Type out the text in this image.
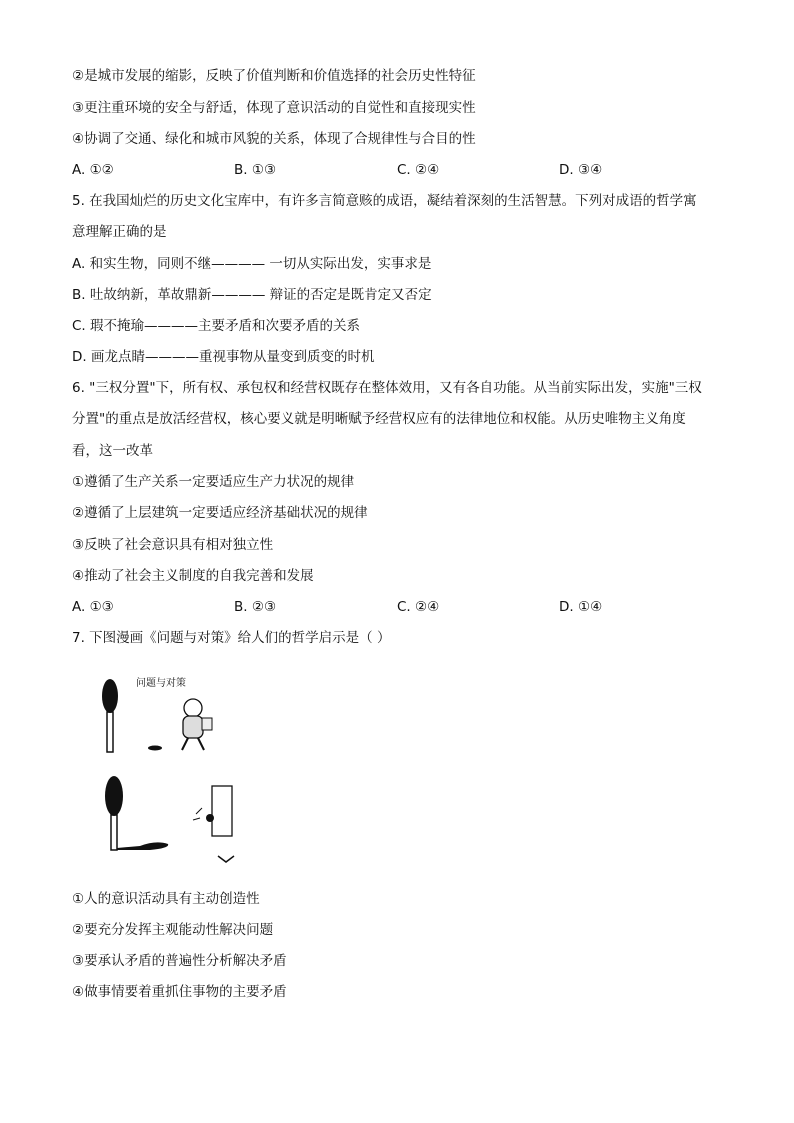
②是城市发展的缩影，反映了价值判断和价值选择的社会历史性特征
③更注重环境的安全与舒适，体现了意识活动的自觉性和直接现实性
④协调了交通、绿化和城市风貌的关系，体现了合规律性与合目的性
A. ①②	B. ①③	C. ②④	D. ③④
5. 在我国灿烂的历史文化宝库中，有许多言简意赅的成语，凝结着深刻的生活智慧。下列对成语的哲学寓
意理解正确的是
A. 和实生物，同则不继———— 一切从实际出发，实事求是
B. 吐故纳新，革故鼎新———— 辩证的否定是既肯定又否定
C. 瑕不掩瑜————主要矛盾和次要矛盾的关系
D. 画龙点睛————重视事物从量变到质变的时机
6. "三权分置"下，所有权、承包权和经营权既存在整体效用，又有各自功能。从当前实际出发，实施"三权
分置"的重点是放活经营权，核心要义就是明晰赋予经营权应有的法律地位和权能。从历史唯物主义角度
看，这一改革
①遵循了生产关系一定要适应生产力状况的规律
②遵循了上层建筑一定要适应经济基础状况的规律
③反映了社会意识具有相对独立性
④推动了社会主义制度的自我完善和发展
A. ①③	B. ②③	C. ②④	D. ①④
7. 下图漫画《问题与对策》给人们的哲学启示是（ ）
问题与对策
①人的意识活动具有主动创造性
②要充分发挥主观能动性解决问题
③要承认矛盾的普遍性分析解决矛盾
④做事情要着重抓住事物的主要矛盾
